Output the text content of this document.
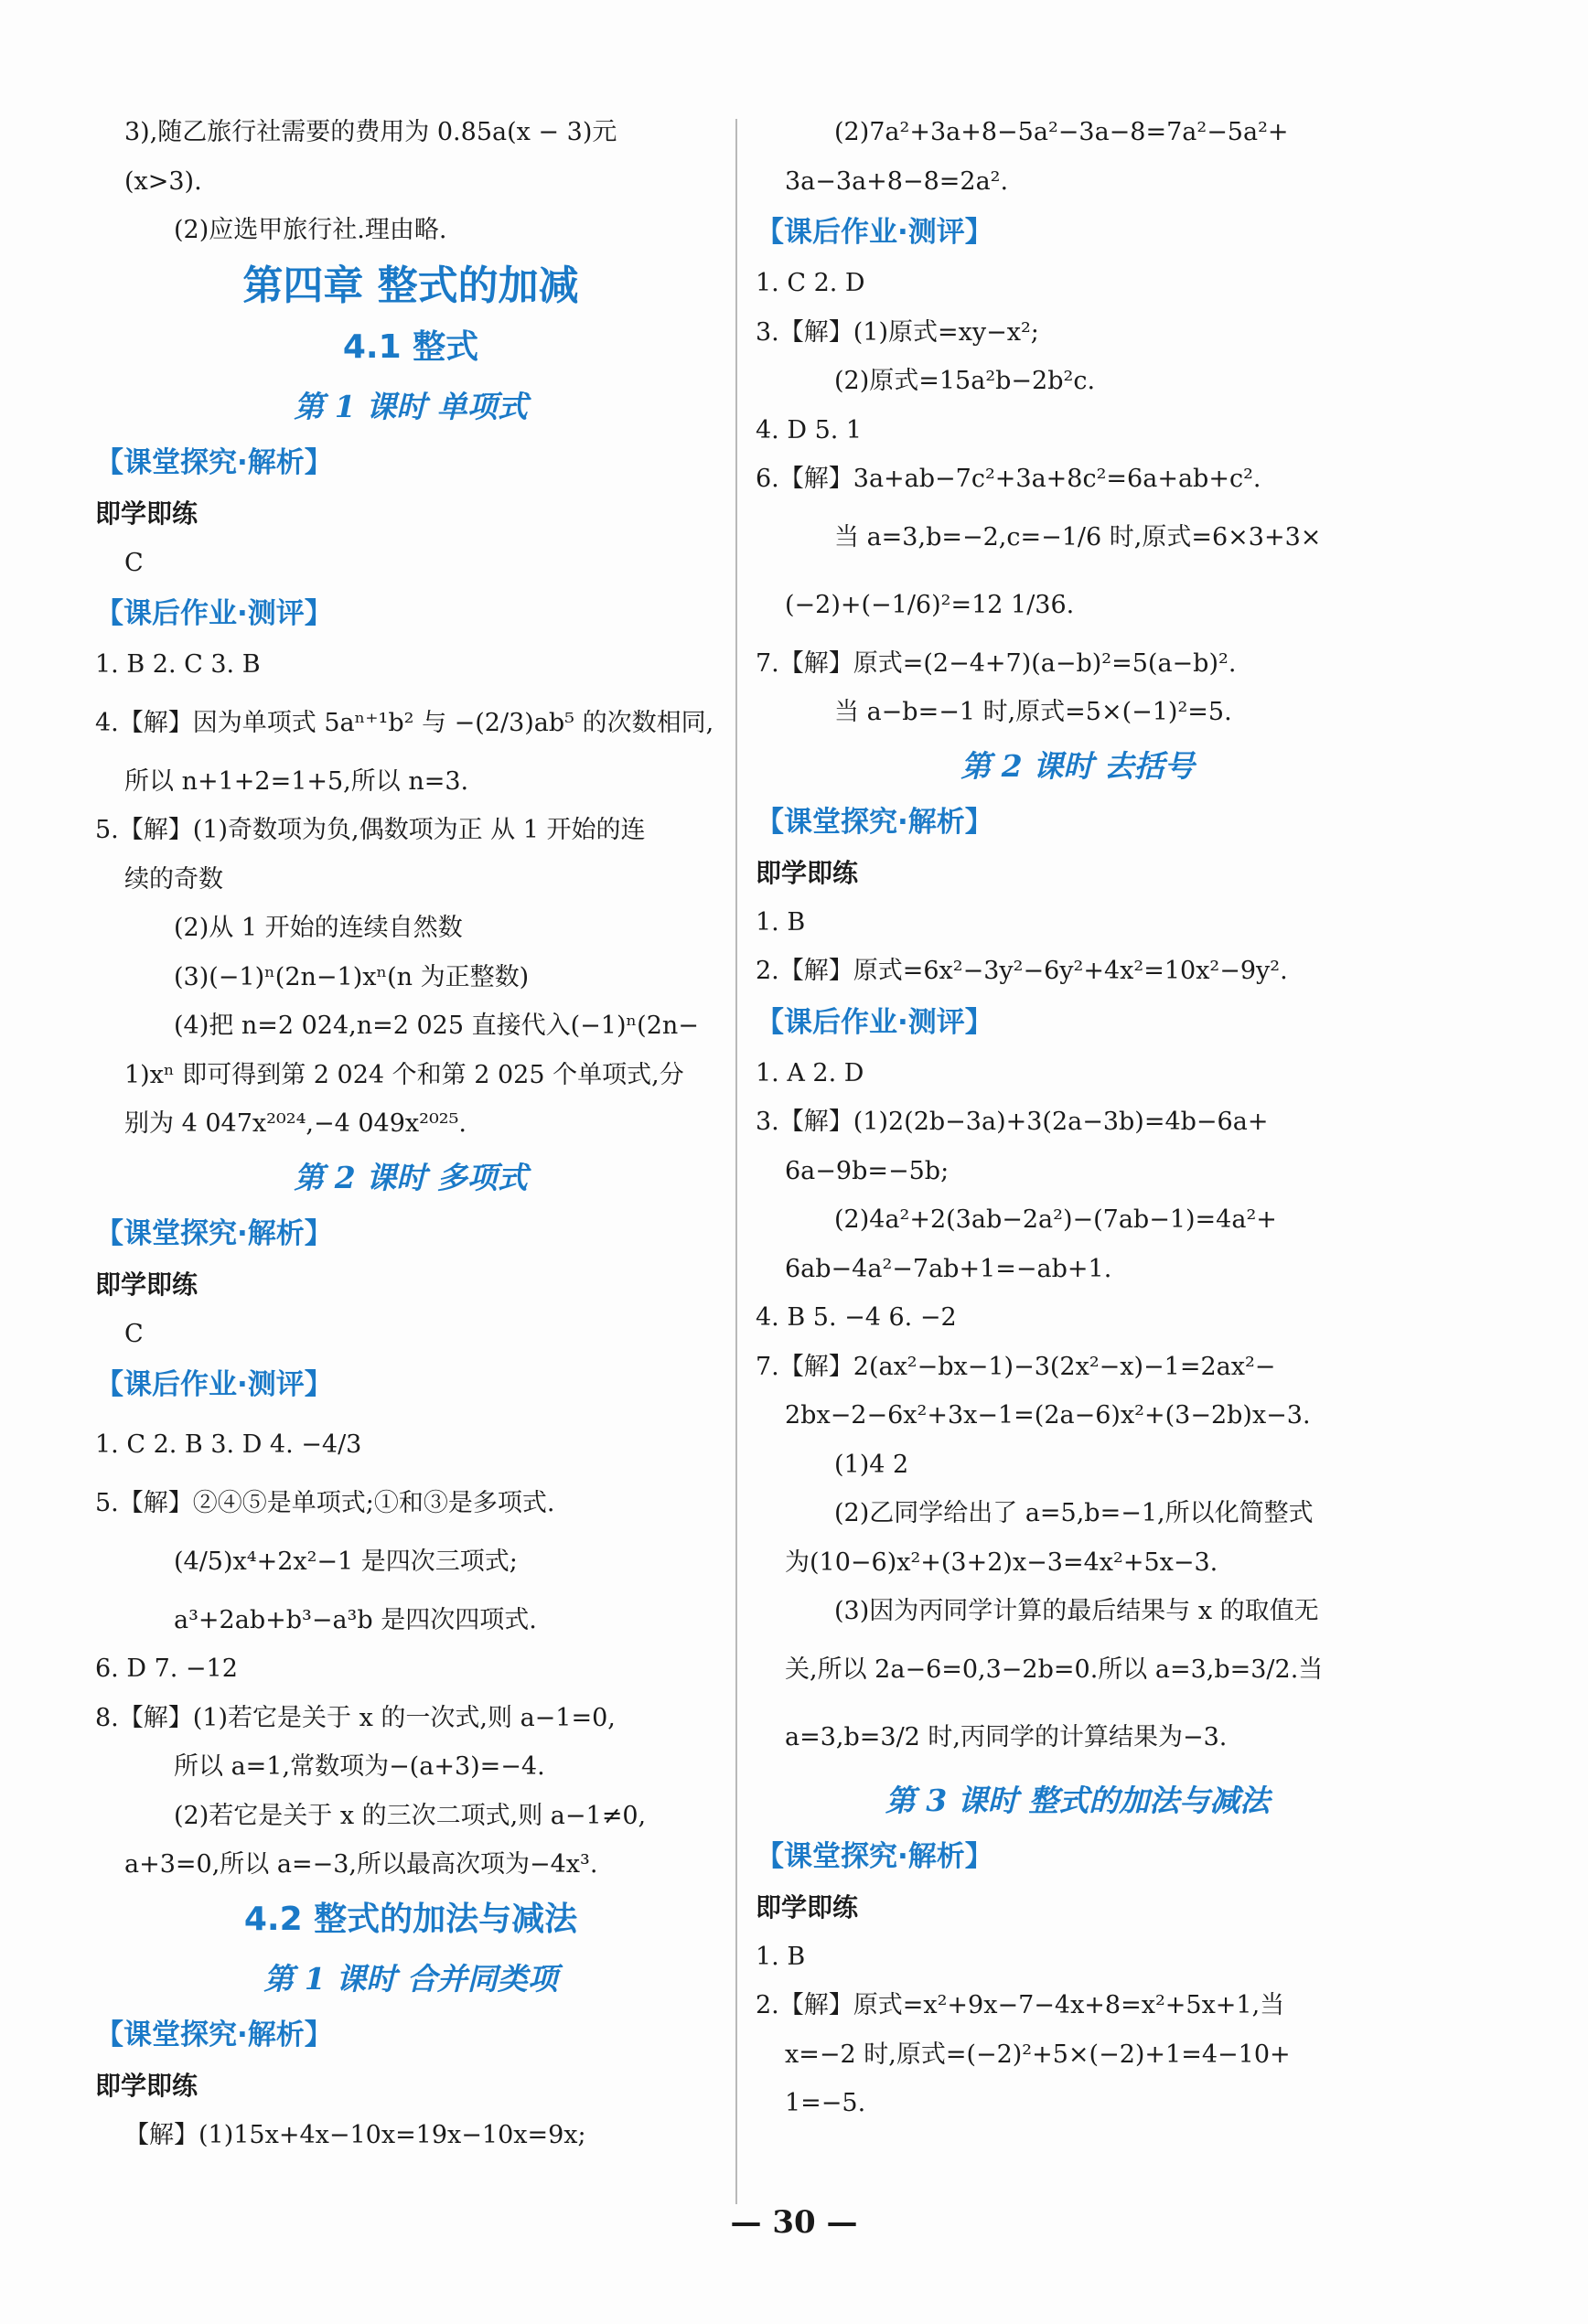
3),随乙旅行社需要的费用为 0.85a(x − 3)元
(x>3).
(2)应选甲旅行社.理由略.
第四章 整式的加减
4.1 整式
第 1 课时 单项式
【课堂探究·解析】
即学即练
C
【课后作业·测评】
1. B 2. C 3. B
4.【解】因为单项式 5aⁿ⁺¹b² 与 −(2/3)ab⁵ 的次数相同,
所以 n+1+2=1+5,所以 n=3.
5.【解】(1)奇数项为负,偶数项为正 从 1 开始的连
续的奇数
(2)从 1 开始的连续自然数
(3)(−1)ⁿ(2n−1)xⁿ(n 为正整数)
(4)把 n=2 024,n=2 025 直接代入(−1)ⁿ(2n−
1)xⁿ 即可得到第 2 024 个和第 2 025 个单项式,分
别为 4 047x²⁰²⁴,−4 049x²⁰²⁵.
第 2 课时 多项式
【课堂探究·解析】
即学即练
C
【课后作业·测评】
1. C 2. B 3. D 4. −4/3
5.【解】②④⑤是单项式;①和③是多项式.
(4/5)x⁴+2x²−1 是四次三项式;
a³+2ab+b³−a³b 是四次四项式.
6. D 7. −12
8.【解】(1)若它是关于 x 的一次式,则 a−1=0,
所以 a=1,常数项为−(a+3)=−4.
(2)若它是关于 x 的三次二项式,则 a−1≠0,
a+3=0,所以 a=−3,所以最高次项为−4x³.
4.2 整式的加法与减法
第 1 课时 合并同类项
【课堂探究·解析】
即学即练
【解】(1)15x+4x−10x=19x−10x=9x;
(2)7a²+3a+8−5a²−3a−8=7a²−5a²+
3a−3a+8−8=2a².
【课后作业·测评】
1. C 2. D
3.【解】(1)原式=xy−x²;
(2)原式=15a²b−2b²c.
4. D 5. 1
6.【解】3a+ab−7c²+3a+8c²=6a+ab+c².
当 a=3,b=−2,c=−1/6 时,原式=6×3+3×
(−2)+(−1/6)²=12 1/36.
7.【解】原式=(2−4+7)(a−b)²=5(a−b)².
当 a−b=−1 时,原式=5×(−1)²=5.
第 2 课时 去括号
【课堂探究·解析】
即学即练
1. B
2.【解】原式=6x²−3y²−6y²+4x²=10x²−9y².
【课后作业·测评】
1. A 2. D
3.【解】(1)2(2b−3a)+3(2a−3b)=4b−6a+
6a−9b=−5b;
(2)4a²+2(3ab−2a²)−(7ab−1)=4a²+
6ab−4a²−7ab+1=−ab+1.
4. B 5. −4 6. −2
7.【解】2(ax²−bx−1)−3(2x²−x)−1=2ax²−
2bx−2−6x²+3x−1=(2a−6)x²+(3−2b)x−3.
(1)4 2
(2)乙同学给出了 a=5,b=−1,所以化简整式
为(10−6)x²+(3+2)x−3=4x²+5x−3.
(3)因为丙同学计算的最后结果与 x 的取值无
关,所以 2a−6=0,3−2b=0.所以 a=3,b=3/2.当
a=3,b=3/2 时,丙同学的计算结果为−3.
第 3 课时 整式的加法与减法
【课堂探究·解析】
即学即练
1. B
2.【解】原式=x²+9x−7−4x+8=x²+5x+1,当
x=−2 时,原式=(−2)²+5×(−2)+1=4−10+
1=−5.
— 30 —
